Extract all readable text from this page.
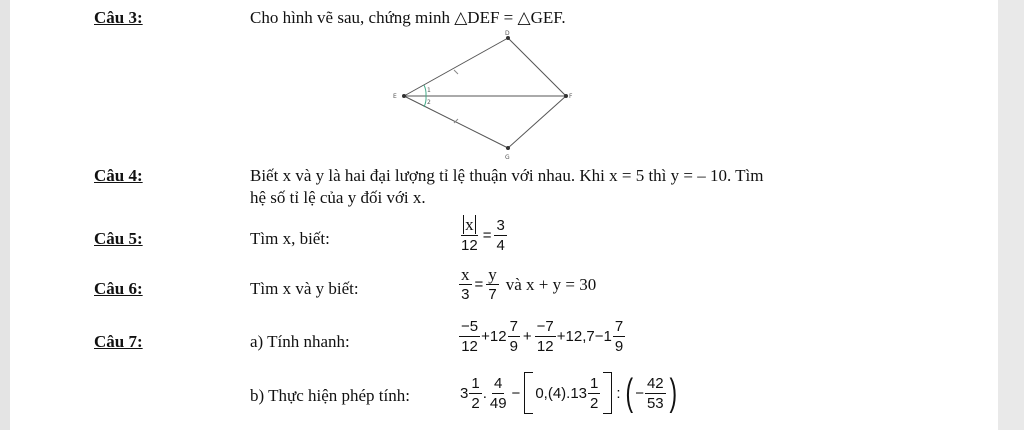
Câu 3:	Cho hình vẽ sau, chứng minh △DEF = △GEF.
D
E	F
G
1
2
Câu 4:	Biết x và y là hai đại lượng tỉ lệ thuận với nhau. Khi x = 5 thì y = – 10. Tìm
hệ số tỉ lệ của y đối với x.
Câu 5:	Tìm x, biết:	$\frac{x}{12} = \frac{3}{4}$
Câu 6:	Tìm x và y biết:	$\frac{x}{3} = \frac{y}{7}$ và x + y = 30
Câu 7:	a) Tính nhanh:	$\frac{-5}{12} +12 \frac{7}{9} + \frac{-7}{12} +12,7-1 \frac{7}{9}$
b) Thực hiện phép tính:	$3 \frac{1}{2}$ . $\frac{4}{49} - 0,(4).13 \frac{1}{2}$ : ( − $\frac{42}{53}$ )
